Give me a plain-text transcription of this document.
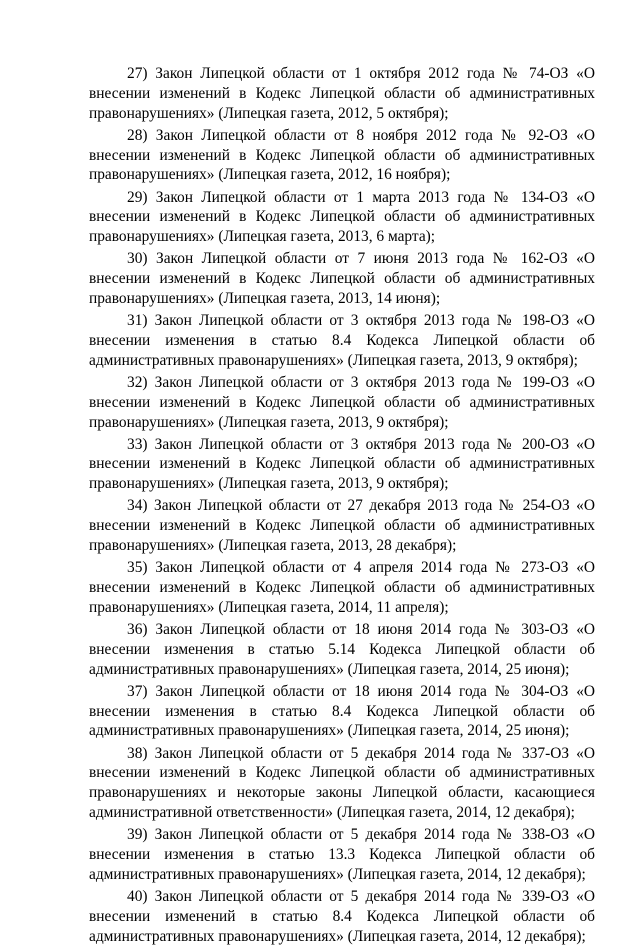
27) Закон Липецкой области от 1 октября 2012 года № 74-ОЗ «О внесении изменений в Кодекс Липецкой области об административных правонарушениях» (Липецкая газета, 2012, 5 октября);

28) Закон Липецкой области от 8 ноября 2012 года № 92-ОЗ «О внесении изменений в Кодекс Липецкой области об административных правонарушениях» (Липецкая газета, 2012, 16 ноября);

29) Закон Липецкой области от 1 марта 2013 года № 134-ОЗ «О внесении изменений в Кодекс Липецкой области об административных правонарушениях» (Липецкая газета, 2013, 6 марта);

30) Закон Липецкой области от 7 июня 2013 года № 162-ОЗ «О внесении изменений в Кодекс Липецкой области об административных правонарушениях» (Липецкая газета, 2013, 14 июня);

31) Закон Липецкой области от 3 октября 2013 года № 198-ОЗ «О внесении изменения в статью 8.4 Кодекса Липецкой области об административных правонарушениях» (Липецкая газета, 2013, 9 октября);

32) Закон Липецкой области от 3 октября 2013 года № 199-ОЗ «О внесении изменений в Кодекс Липецкой области об административных правонарушениях» (Липецкая газета, 2013, 9 октября);

33) Закон Липецкой области от 3 октября 2013 года № 200-ОЗ «О внесении изменений в Кодекс Липецкой области об административных правонарушениях» (Липецкая газета, 2013, 9 октября);

34) Закон Липецкой области от 27 декабря 2013 года № 254-ОЗ «О внесении изменений в Кодекс Липецкой области об административных правонарушениях» (Липецкая газета, 2013, 28 декабря);

35) Закон Липецкой области от 4 апреля 2014 года № 273-ОЗ «О внесении изменений в Кодекс Липецкой области об административных правонарушениях» (Липецкая газета, 2014, 11 апреля);

36) Закон Липецкой области от 18 июня 2014 года № 303-ОЗ «О внесении изменения в статью 5.14 Кодекса Липецкой области об административных правонарушениях» (Липецкая газета, 2014, 25 июня);

37) Закон Липецкой области от 18 июня 2014 года № 304-ОЗ «О внесении изменения в статью 8.4 Кодекса Липецкой области об административных правонарушениях» (Липецкая газета, 2014, 25 июня);

38) Закон Липецкой области от 5 декабря 2014 года № 337-ОЗ «О внесении изменений в Кодекс Липецкой области об административных правонарушениях и некоторые законы Липецкой области, касающиеся административной ответственности» (Липецкая газета, 2014, 12 декабря);

39) Закон Липецкой области от 5 декабря 2014 года № 338-ОЗ «О внесении изменения в статью 13.3 Кодекса Липецкой области об административных правонарушениях» (Липецкая газета, 2014, 12 декабря);

40) Закон Липецкой области от 5 декабря 2014 года № 339-ОЗ «О внесении изменений в статью 8.4 Кодекса Липецкой области об административных правонарушениях» (Липецкая газета, 2014, 12 декабря);
